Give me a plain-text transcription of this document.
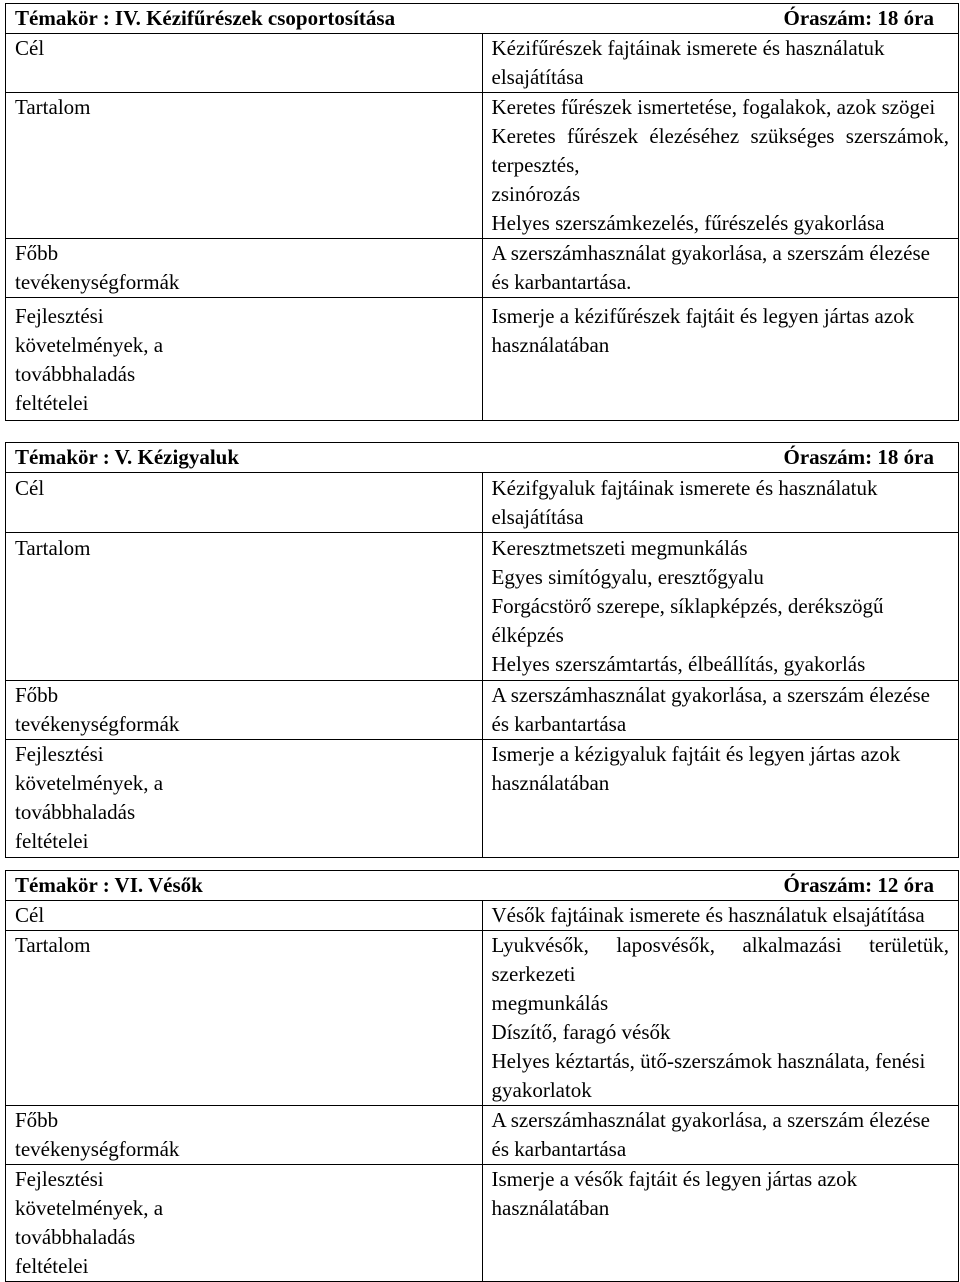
Témakör : IV. Kézifűrészek csoportosítása Óraszám: 18 óra	

Cél	Kézifűrészek fajtáinak ismerete és használatuk elsajátítása

Tartalom	Keretes fűrészek ismertetése, fogalakok, azok szögei
Keretes fűrészek élezéséhez szükséges szerszámok, terpesztés,
zsinórozás
Helyes szerszámkezelés, fűrészelés gyakorlása

Főbb
tevékenységformák	A szerszámhasználat gyakorlása, a szerszám élezése és karbantartása.

Fejlesztési
követelmények, a
továbbhaladás
feltételei	Ismerje a kézifűrészek fajtáit és legyen jártas azok használatában
Témakör : V. Kézigyaluk Óraszám: 18 óra	

Cél	Kézifgyaluk fajtáinak ismerete és használatuk elsajátítása

Tartalom	Keresztmetszeti megmunkálás
Egyes simítógyalu, eresztőgyalu
Forgácstörő szerepe, síklapképzés, derékszögű élképzés
Helyes szerszámtartás, élbeállítás, gyakorlás

Főbb
tevékenységformák	A szerszámhasználat gyakorlása, a szerszám élezése és karbantartása

Fejlesztési
követelmények, a
továbbhaladás
feltételei	Ismerje a kézigyaluk fajtáit és legyen jártas azok használatában
Témakör : VI. Vésők Óraszám: 12 óra	

Cél	Vésők fajtáinak ismerete és használatuk elsajátítása

Tartalom	Lyukvésők, laposvésők, alkalmazási területük, szerkezeti
megmunkálás
Díszítő, faragó vésők
Helyes kéztartás, ütő-szerszámok használata, fenési gyakorlatok

Főbb
tevékenységformák	A szerszámhasználat gyakorlása, a szerszám élezése és karbantartása

Fejlesztési
követelmények, a
továbbhaladás
feltételei	Ismerje a vésők fajtáit és legyen jártas azok használatában
